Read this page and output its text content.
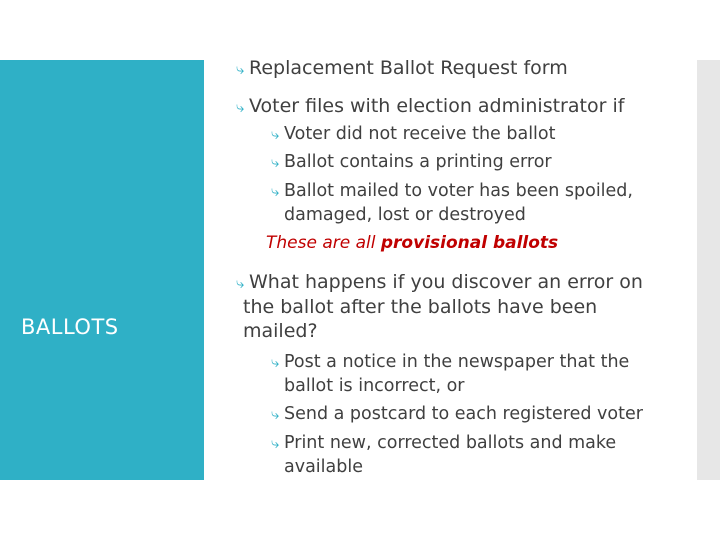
BALLOTS
⤷ Replacement Ballot Request form
⤷ Voter files with election administrator if
⤷ Voter did not receive the ballot
⤷ Ballot contains a printing error
⤷ Ballot mailed to voter has been spoiled,
damaged, lost or destroyed
These are all provisional ballots
⤷ What happens if you discover an error on
the ballot after the ballots have been
mailed?
⤷ Post a notice in the newspaper that the
ballot is incorrect, or
⤷ Send a postcard to each registered voter
⤷ Print new, corrected ballots and make
available
